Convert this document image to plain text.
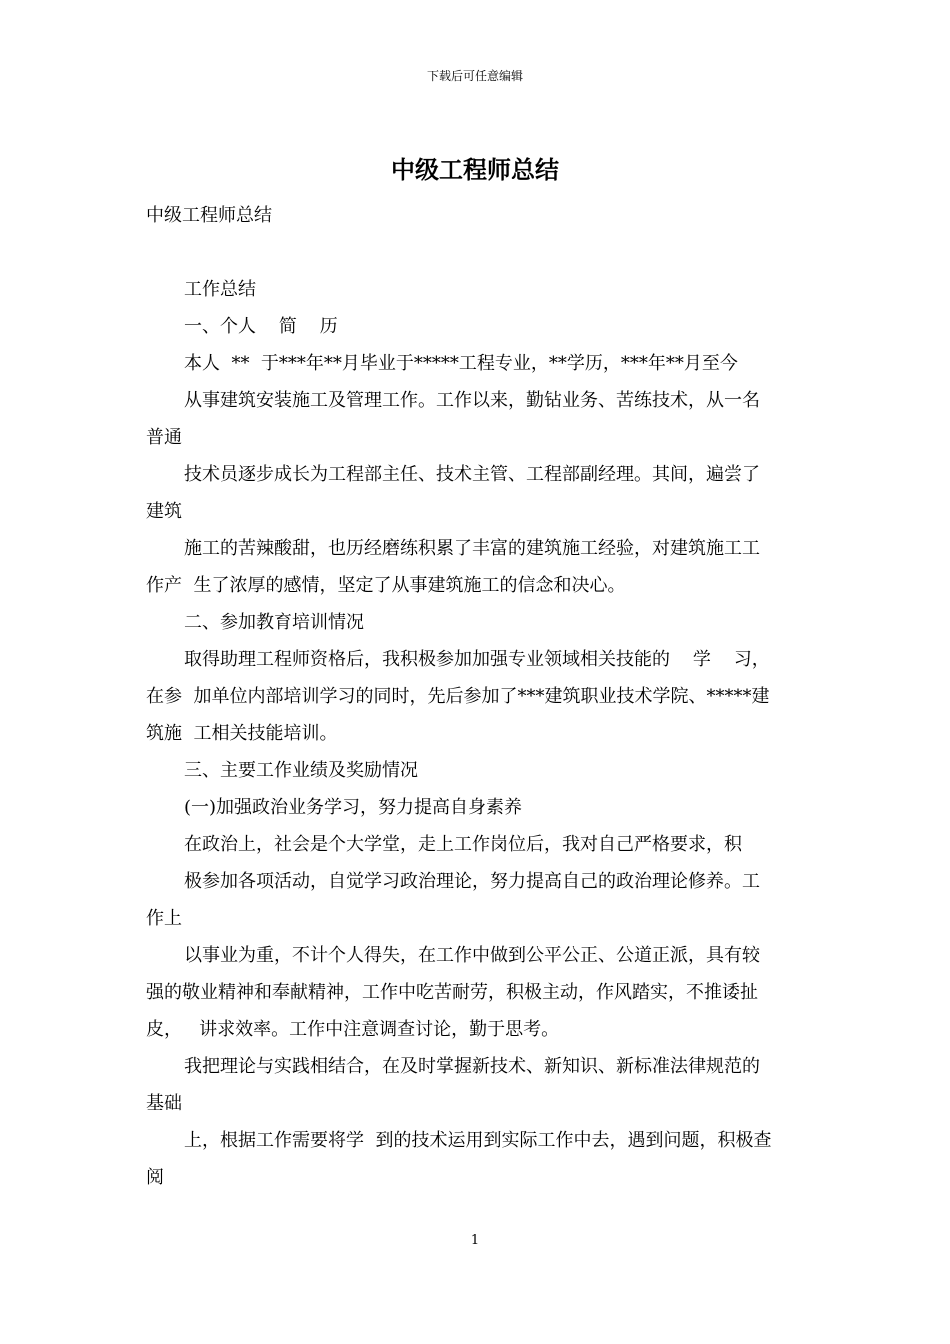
下载后可任意编辑
中级工程师总结

中级工程师总结

工作总结

一、个人    简    历

本人  **  于***年**月毕业于*****工程专业，**学历，***年**月至今

从事建筑安装施工及管理工作。工作以来，勤钻业务、苦练技术，从一名

普通

技术员逐步成长为工程部主任、技术主管、工程部副经理。其间，遍尝了

建筑

施工的苦辣酸甜，也历经磨练积累了丰富的建筑施工经验，对建筑施工工

作产  生了浓厚的感情，坚定了从事建筑施工的信念和决心。

二、参加教育培训情况

取得助理工程师资格后，我积极参加加强专业领域相关技能的    学    习，

在参  加单位内部培训学习的同时，先后参加了***建筑职业技术学院、*****建

筑施  工相关技能培训。

三、主要工作业绩及奖励情况

(一)加强政治业务学习，努力提高自身素养

在政治上，社会是个大学堂，走上工作岗位后，我对自己严格要求，积

极参加各项活动，自觉学习政治理论，努力提高自己的政治理论修养。工

作上

以事业为重，不计个人得失，在工作中做到公平公正、公道正派，具有较

强的敬业精神和奉献精神，工作中吃苦耐劳，积极主动，作风踏实，不推诿扯

皮，   讲求效率。工作中注意调查讨论，勤于思考。

我把理论与实践相结合，在及时掌握新技术、新知识、新标准法律规范的

基础

上，根据工作需要将学  到的技术运用到实际工作中去，遇到问题，积极查

阅

1
